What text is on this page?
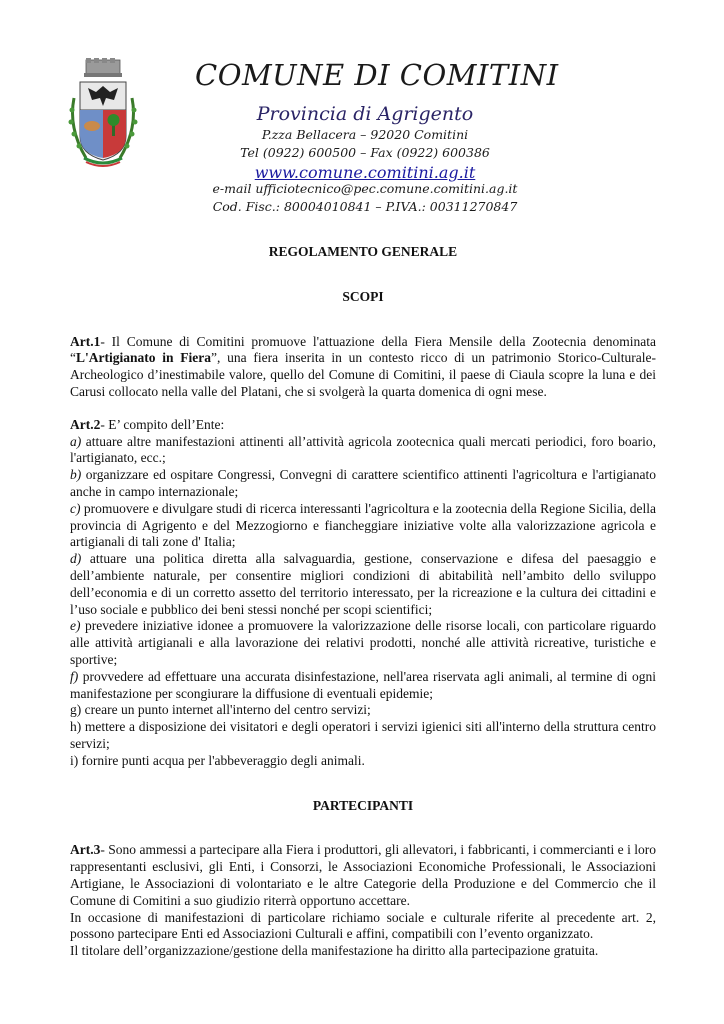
COMUNE DI COMITINI
Provincia di Agrigento
P.zza Bellacera – 92020 Comitini
Tel (0922) 600500 – Fax (0922) 600386
www.comune.comitini.ag.it
e-mail ufficiotecnico@pec.comune.comitini.ag.it
Cod. Fisc.: 80004010841 – P.IVA.: 00311270847
REGOLAMENTO GENERALE
SCOPI

Art.1- Il Comune di Comitini promuove l'attuazione della Fiera Mensile della Zootecnia denominata “L'Artigianato in Fiera”, una fiera inserita in un contesto ricco di un patrimonio Storico-Culturale-Archeologico d’inestimabile valore, quello del Comune di Comitini, il paese di Ciaula scopre la luna e dei Carusi collocato nella valle del Platani, che si svolgerà la quarta domenica di ogni mese.

Art.2- E’ compito dell’Ente:

a) attuare altre manifestazioni attinenti all’attività agricola zootecnica quali mercati periodici, foro boario, l'artigianato, ecc.;

b) organizzare ed ospitare Congressi, Convegni di carattere scientifico attinenti l'agricoltura e l'artigianato anche in campo internazionale;

c) promuovere e divulgare studi di ricerca interessanti l'agricoltura e la zootecnia della Regione Sicilia, della provincia di Agrigento e del Mezzogiorno e fiancheggiare iniziative volte alla valorizzazione agricola e artigianali di tali zone d' Italia;

d) attuare una politica diretta alla salvaguardia, gestione, conservazione e difesa del paesaggio e dell’ambiente naturale, per consentire migliori condizioni di abitabilità nell’ambito dello sviluppo dell’economia e di un corretto assetto del territorio interessato, per la ricreazione e la cultura dei cittadini e l’uso sociale e pubblico dei beni stessi nonché per scopi scientifici;

e) prevedere iniziative idonee a promuovere la valorizzazione delle risorse locali, con particolare riguardo alle attività artigianali e alla lavorazione dei relativi prodotti, nonché alle attività ricreative, turistiche e sportive;

f) provvedere ad effettuare una accurata disinfestazione, nell'area riservata agli animali, al termine di ogni manifestazione per scongiurare la diffusione di eventuali epidemie;

g) creare un punto internet all'interno del centro servizi;

h) mettere a disposizione dei visitatori e degli operatori i servizi igienici siti all'interno della struttura centro servizi;

i) fornire punti acqua per l'abbeveraggio degli animali.

PARTECIPANTI

Art.3- Sono ammessi a partecipare alla Fiera i produttori, gli allevatori, i fabbricanti, i commercianti e i loro rappresentanti esclusivi, gli Enti, i Consorzi, le Associazioni Economiche Professionali, le Associazioni Artigiane, le Associazioni di volontariato e le altre Categorie della Produzione e del Commercio che il Comune di Comitini a suo giudizio riterrà opportuno accettare.

In occasione di manifestazioni di particolare richiamo sociale e culturale riferite al precedente art. 2, possono partecipare Enti ed Associazioni Culturali e affini, compatibili con l’evento organizzato.

Il titolare dell’organizzazione/gestione della manifestazione ha diritto alla partecipazione gratuita.
